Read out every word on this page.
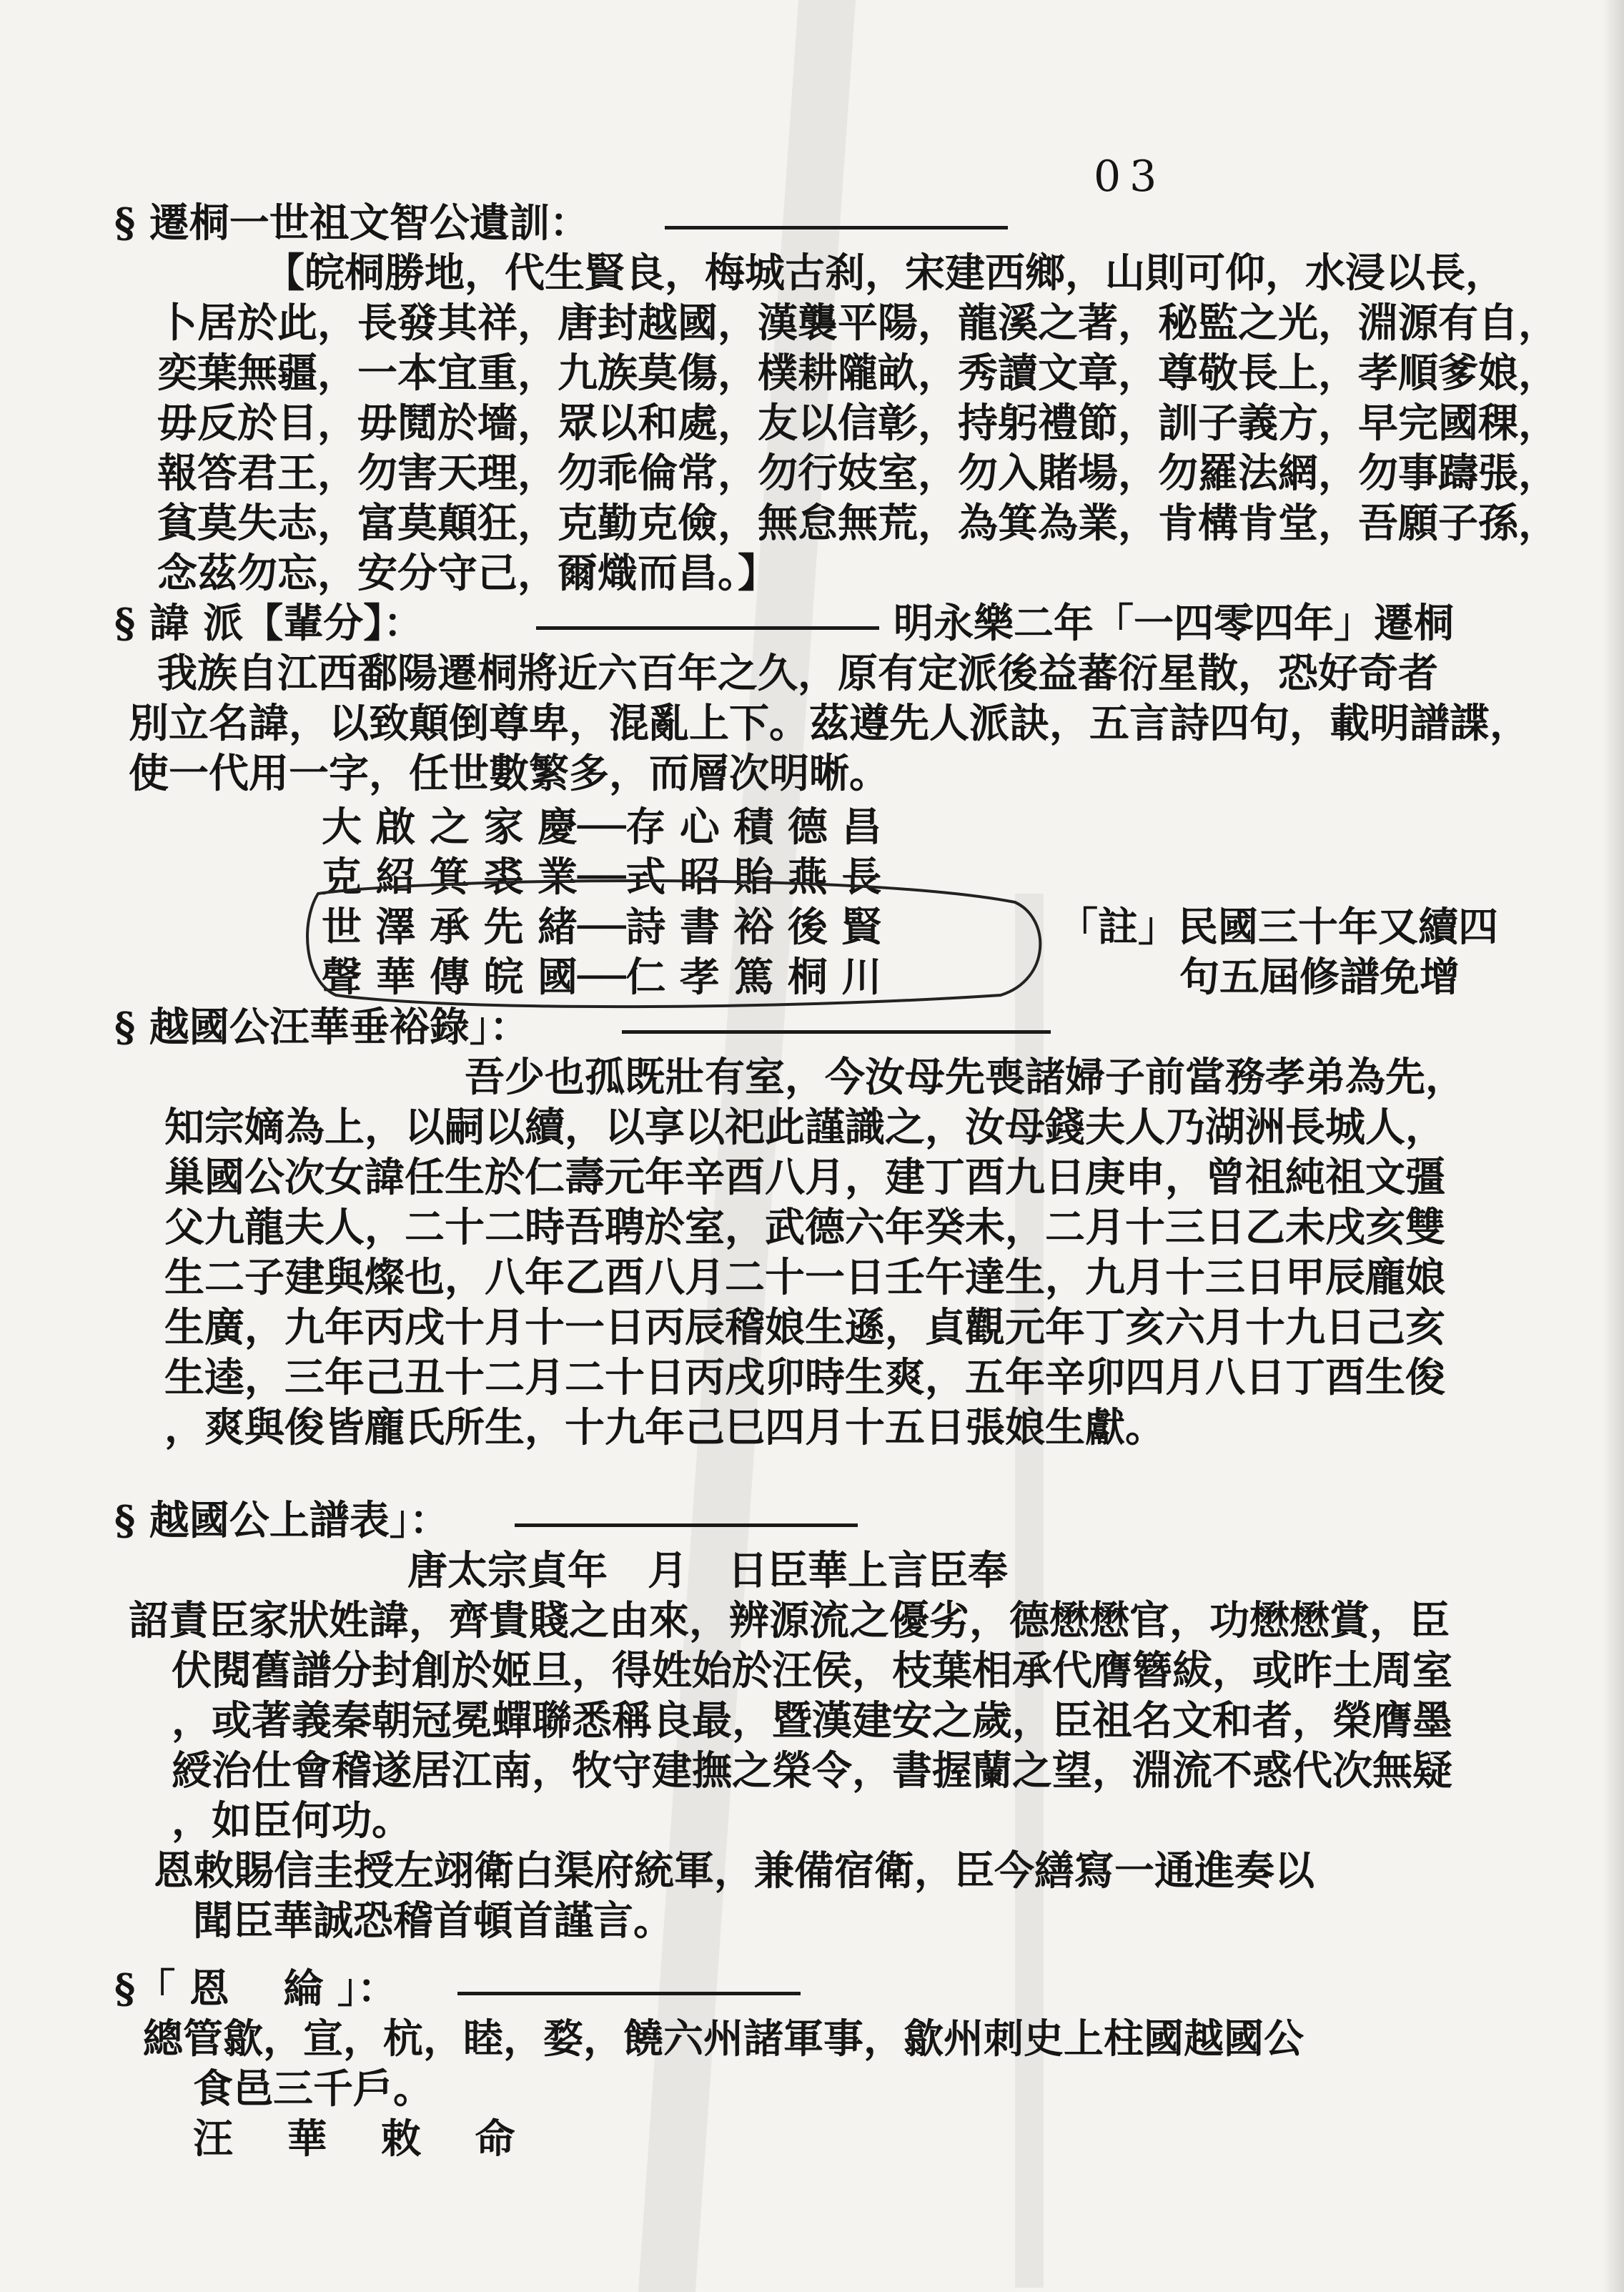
03
§ 遷桐一世祖文智公遺訓：
【皖桐勝地，代生賢良，梅城古刹，宋建西鄉，山則可仰，水浸以長，
卜居於此，長發其祥，唐封越國，漢襲平陽，龍溪之著，秘監之光，淵源有自，
奕葉無疆，一本宜重，九族莫傷，樸耕隴畝，秀讀文章，尊敬長上，孝順爹娘，
毋反於目，毋鬩於墻，眾以和處，友以信彰，持躬禮節，訓子義方，早完國稞，
報答君王，勿害天理，勿乖倫常，勿行妓室，勿入賭場，勿羅法網，勿事躊張，
貧莫失志，富莫顛狂，克勤克儉，無怠無荒，為箕為業，肯構肯堂，吾願子孫，
念茲勿忘，安分守己，爾熾而昌。】
§ 諱 派【輩分】：	明永樂二年「一四零四年」遷桐
我族自江西鄱陽遷桐將近六百年之久，原有定派後益蕃衍星散，恐好奇者
別立名諱，以致顛倒尊卑，混亂上下。茲遵先人派訣，五言詩四句，載明譜諜，
使一代用一字，任世數繁多，而層次明晰。
大 啟 之 家 慶──存 心 積 德 昌
克 紹 箕 裘 業──式 昭 貽 燕 長
世 澤 承 先 緒──詩 書 裕 後 賢
聲 華 傳 皖 國──仁 孝 篤 桐 川
「註」民國三十年又續四
句五屆修譜免增
§ 越國公汪華垂裕錄」：
吾少也孤既壯有室，今汝母先喪諸婦子前當務孝弟為先，
知宗嫡為上，以嗣以續，以享以祀此謹識之，汝母錢夫人乃湖洲長城人，
巢國公次女諱任生於仁壽元年辛酉八月，建丁酉九日庚申，曾祖純祖文彊
父九龍夫人，二十二時吾聘於室，武德六年癸未，二月十三日乙未戌亥雙
生二子建與燦也，八年乙酉八月二十一日壬午達生，九月十三日甲辰龐娘
生廣，九年丙戌十月十一日丙辰稽娘生遜，貞觀元年丁亥六月十九日己亥
生逵，三年己丑十二月二十日丙戌卯時生爽，五年辛卯四月八日丁酉生俊
，爽與俊皆龐氏所生，十九年己巳四月十五日張娘生獻。
§ 越國公上譜表」：
唐太宗貞年　月　日臣華上言臣奉
詔責臣家狀姓諱，齊貴賤之由來，辨源流之優劣，德懋懋官，功懋懋賞，臣
伏閱舊譜分封創於姬旦，得姓始於汪侯，枝葉相承代膺簪紱，或昨土周室
，或著義秦朝冠冕蟬聯悉稱良最，暨漢建安之歲，臣祖名文和者，榮膺墨
綬治仕會稽遂居江南，牧守建撫之榮令，書握蘭之望，淵流不惑代次無疑
，如臣何功。
恩敕賜信圭授左翊衛白渠府統軍，兼備宿衛，臣今繕寫一通進奏以
聞臣華誠恐稽首頓首謹言。
§「 恩　 綸 」：
總管歙，宣，杭，睦，婺，饒六州諸軍事，歙州刺史上柱國越國公
食邑三千戶。
汪　 華　 敕　 命
